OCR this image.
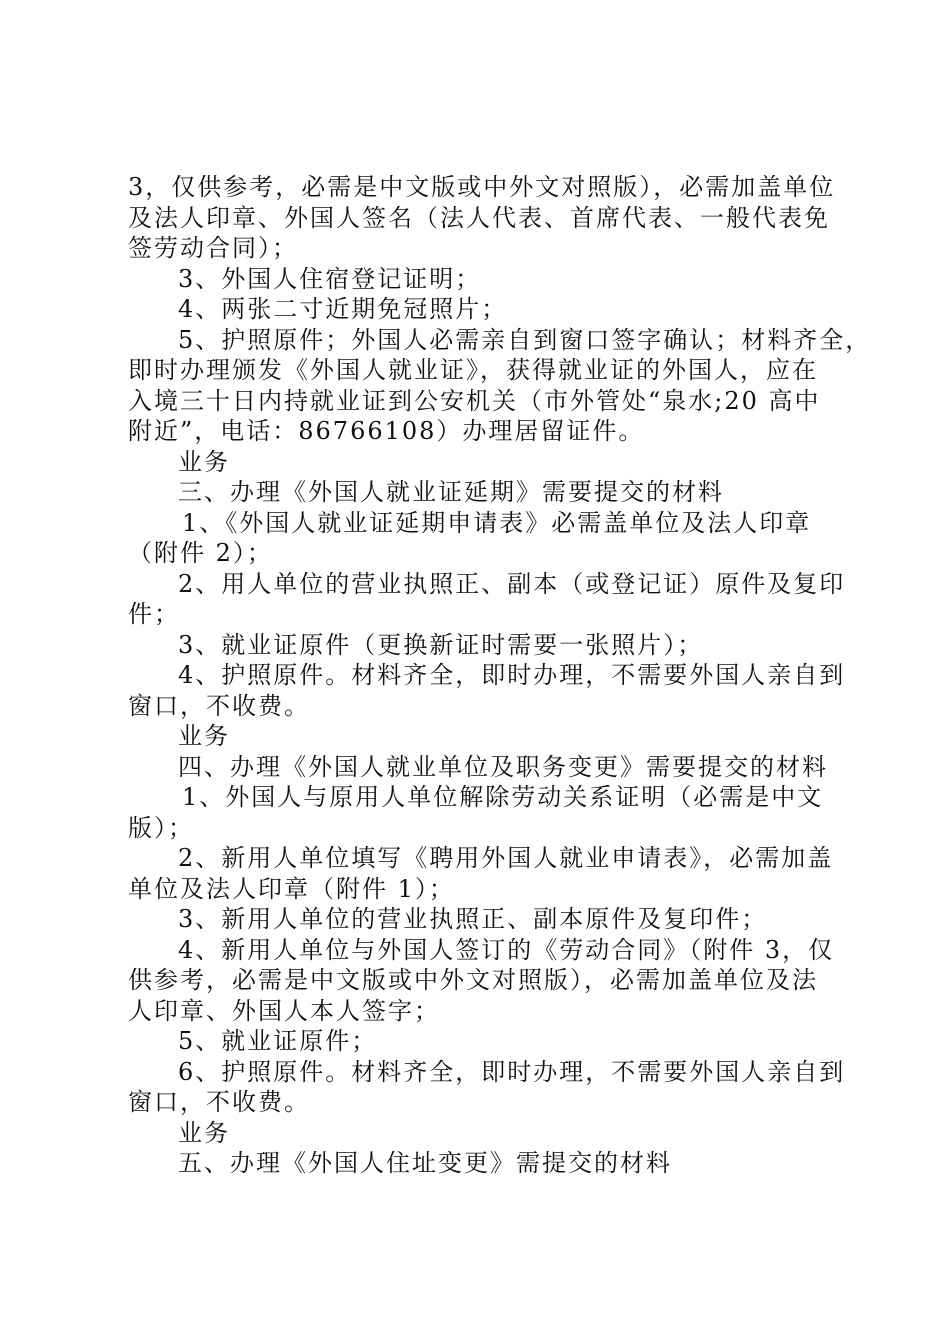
3，仅供参考，必需是中文版或中外文对照版），必需加盖单位
及法人印章、外国人签名（法人代表、首席代表、一般代表免
签劳动合同）；
3、外国人住宿登记证明；
4、两张二寸近期免冠照片；
5、护照原件；外国人必需亲自到窗口签字确认；材料齐全，
即时办理颁发《外国人就业证》，获得就业证的外国人，应在
入境三十日内持就业证到公安机关（市外管处“泉水;20 高中
附近”，电话：86766108）办理居留证件。
业务
三、办理《外国人就业证延期》需要提交的材料
1、《外国人就业证延期申请表》必需盖单位及法人印章
（附件 2）；
2、用人单位的营业执照正、副本（或登记证）原件及复印
件；
3、就业证原件（更换新证时需要一张照片）；
4、护照原件。材料齐全，即时办理，不需要外国人亲自到
窗口，不收费。
业务
四、办理《外国人就业单位及职务变更》需要提交的材料
1、外国人与原用人单位解除劳动关系证明（必需是中文
版）；
2、新用人单位填写《聘用外国人就业申请表》，必需加盖
单位及法人印章（附件 1）；
3、新用人单位的营业执照正、副本原件及复印件；
4、新用人单位与外国人签订的《劳动合同》（附件 3，仅
供参考，必需是中文版或中外文对照版），必需加盖单位及法
人印章、外国人本人签字；
5、就业证原件；
6、护照原件。材料齐全，即时办理，不需要外国人亲自到
窗口，不收费。
业务
五、办理《外国人住址变更》需提交的材料
